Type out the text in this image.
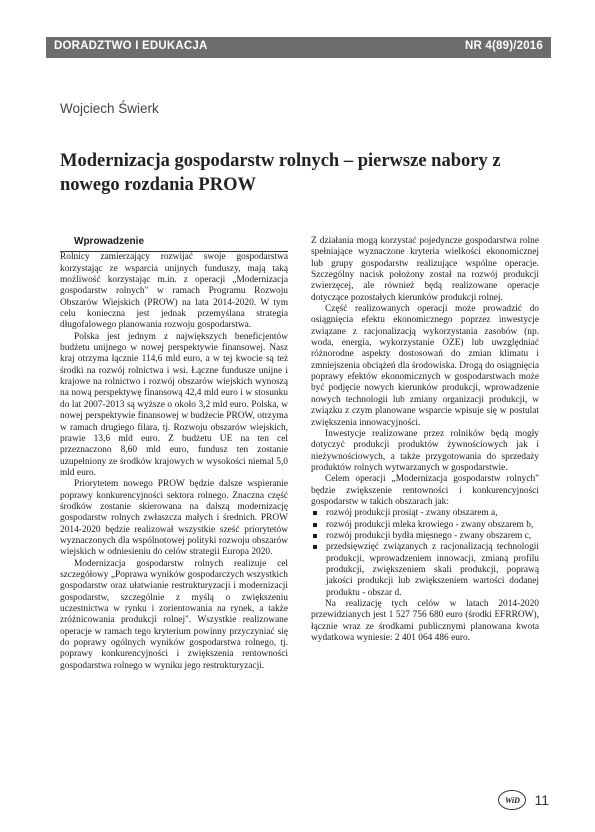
DORADZTWO I EDUKACJA	NR 4(89)/2016
Wojciech Świerk
Modernizacja gospodarstw rolnych – pierwsze nabory z nowego rozdania PROW

Wprowadzenie

Rolnicy zamierzający rozwijać swoje gospodarstwa korzystając ze wsparcia unijnych funduszy, mają taką możliwość korzystając m.in. z operacji „Modernizacja gospodarstw rolnych" w ramach Programu Rozwoju Obszarów Wiejskich (PROW) na lata 2014-2020. W tym celu konieczna jest jednak przemyślana strategia długofalowego planowania rozwoju gospodarstwa.

Polska jest jednym z największych beneficjentów budżetu unijnego w nowej perspektywie finansowej. Nasz kraj otrzyma łącznie 114,6 mld euro, a w tej kwocie są też środki na rozwój rolnictwa i wsi. Łączne fundusze unijne i krajowe na rolnictwo i rozwój obszarów wiejskich wynoszą na nową perspektywę finansową 42,4 mld euro i w stosunku do lat 2007-2013 są wyższe o około 3,2 mld euro. Polska, w nowej perspektywie finansowej w budżecie PROW, otrzyma w ramach drugiego filara, tj. Rozwoju obszarów wiejskich, prawie 13,6 mld euro. Z budżetu UE na ten cel przeznaczono 8,60 mld euro, fundusz ten zostanie uzupełniony ze środków krajowych w wysokości niemal 5,0 mld euro.

Priorytetem nowego PROW będzie dalsze wspieranie poprawy konkurencyjności sektora rolnego. Znaczna część środków zostanie skierowana na dalszą modernizację gospodarstw rolnych zwłaszcza małych i średnich. PROW 2014-2020 będzie realizował wszystkie sześć priorytetów wyznaczonych dla wspólnotowej polityki rozwoju obszarów wiejskich w odniesieniu do celów strategii Europa 2020.

Modernizacja gospodarstw rolnych realizuje cel szczegółowy „Poprawa wyników gospodarczych wszystkich gospodarstw oraz ułatwianie restrukturyzacji i modernizacji gospodarstw, szczególnie z myślą o zwiększeniu uczestnictwa w rynku i zorientowania na rynek, a także zróżnicowania produkcji rolnej". Wszystkie realizowane operacje w ramach tego kryterium powinny przyczyniać się do poprawy ogólnych wyników gospodarstwa rolnego, tj. poprawy konkurencyjności i zwiększenia rentowności gospodarstwa rolnego w wyniku jego restrukturyzacji.

Z działania mogą korzystać pojedyncze gospodarstwa rolne spełniające wyznaczone kryteria wielkości ekonomicznej lub grupy gospodarstw realizujące wspólne operacje. Szczególny nacisk położony został na rozwój produkcji zwierzęcej, ale również będą realizowane operacje dotyczące pozostałych kierunków produkcji rolnej.

Część realizowanych operacji może prowadzić do osiągnięcia efektu ekonomicznego poprzez inwestycje związane z racjonalizacją wykorzystania zasobów (np. woda, energia, wykorzystanie OZE) lub uwzględniać różnorodne aspekty dostosowań do zmian klimatu i zmniejszenia obciążeń dla środowiska. Drogą do osiągnięcia poprawy efektów ekonomicznych w gospodarstwach może być podjęcie nowych kierunków produkcji, wprowadzenie nowych technologii lub zmiany organizacji produkcji, w związku z czym planowane wsparcie wpisuje się w postulat zwiększenia innowacyjności.

Inwestycje realizowane przez rolników będą mogły dotyczyć produkcji produktów żywnościowych jak i nieżywnościowych, a także przygotowania do sprzedaży produktów rolnych wytwarzanych w gospodarstwie.

Celem operacji „Modernizacja gospodarstw rolnych" będzie zwiększenie rentowności i konkurencyjności gospodarstw w takich obszarach jak:

rozwój produkcji prosiąt - zwany obszarem a,
rozwój produkcji mleka krowiego - zwany obszarem b,
rozwój produkcji bydła mięsnego - zwany obszarem c,
przedsięwzięć związanych z racjonalizacją technologii produkcji, wprowadzeniem innowacji, zmianą profilu produkcji, zwiększeniem skali produkcji, poprawą jakości produkcji lub zwiększeniem wartości dodanej produktu - obszar d.

Na realizację tych celów w latach 2014-2020 przewidzianych jest 1 527 756 680 euro (środki EFRROW), łącznie wraz ze środkami publicznymi planowana kwota wydatkowa wyniesie: 2 401 064 486 euro.

WiD	11
